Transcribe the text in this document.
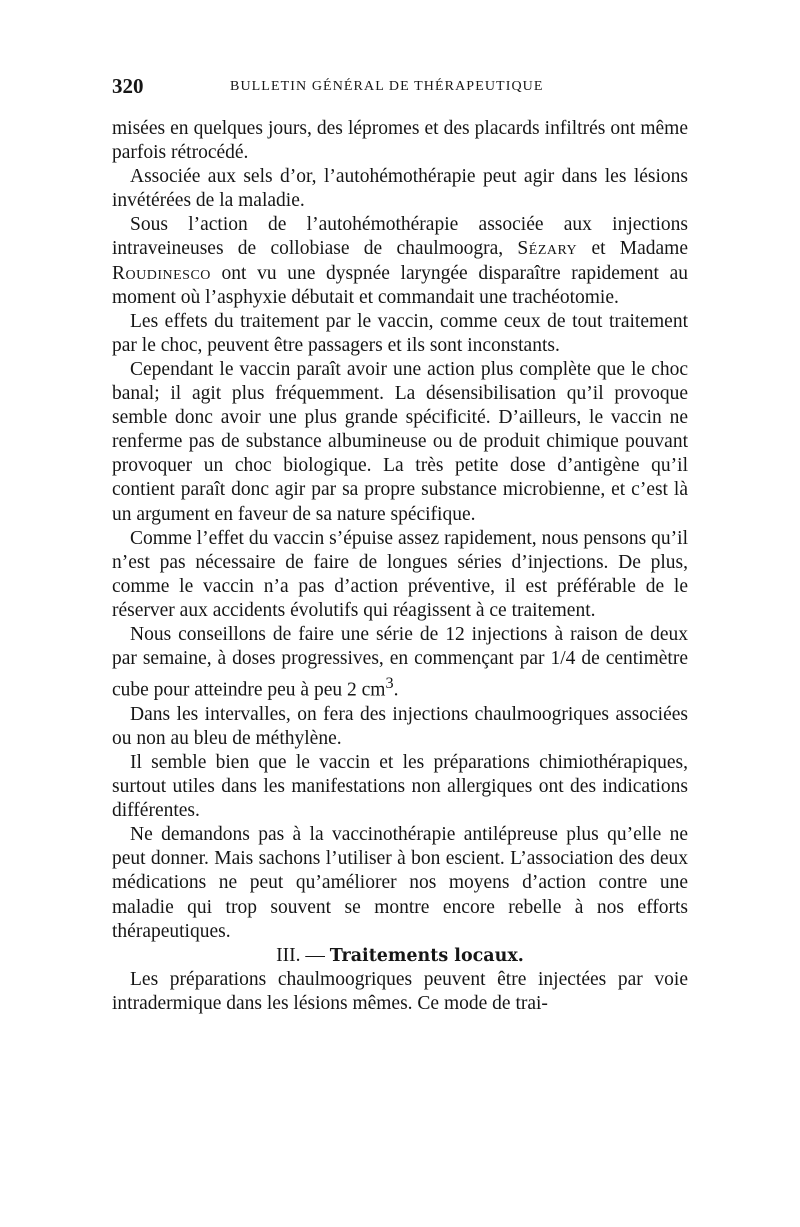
320	BULLETIN GÉNÉRAL DE THÉRAPEUTIQUE

misées en quelques jours, des lépromes et des placards infiltrés ont même parfois rétrocédé.

Associée aux sels d’or, l’autohémothérapie peut agir dans les lésions invétérées de la maladie.

Sous l’action de l’autohémothérapie associée aux injections intraveineuses de collobiase de chaulmoogra, Sézary et Madame Roudinesco ont vu une dyspnée laryngée disparaître rapidement au moment où l’asphyxie débutait et commandait une trachéotomie.

Les effets du traitement par le vaccin, comme ceux de tout traitement par le choc, peuvent être passagers et ils sont inconstants.

Cependant le vaccin paraît avoir une action plus complète que le choc banal; il agit plus fréquemment. La désensibilisation qu’il provoque semble donc avoir une plus grande spécificité. D’ailleurs, le vaccin ne renferme pas de substance albumineuse ou de produit chimique pouvant provoquer un choc biologique. La très petite dose d’antigène qu’il contient paraît donc agir par sa propre substance microbienne, et c’est là un argument en faveur de sa nature spécifique.

Comme l’effet du vaccin s’épuise assez rapidement, nous pensons qu’il n’est pas nécessaire de faire de longues séries d’injections. De plus, comme le vaccin n’a pas d’action préventive, il est préférable de le réserver aux accidents évolutifs qui réagissent à ce traitement.

Nous conseillons de faire une série de 12 injections à raison de deux par semaine, à doses progressives, en commençant par 1/4 de centimètre cube pour atteindre peu à peu 2 $cm^3$.

Dans les intervalles, on fera des injections chaulmoogriques associées ou non au bleu de méthylène.

Il semble bien que le vaccin et les préparations chimiothérapiques, surtout utiles dans les manifestations non allergiques ont des indications différentes.

Ne demandons pas à la vaccinothérapie antilépreuse plus qu’elle ne peut donner. Mais sachons l’utiliser à bon escient. L’association des deux médications ne peut qu’améliorer nos moyens d’action contre une maladie qui trop souvent se montre encore rebelle à nos efforts thérapeutiques.

III. — Traitements locaux.

Les préparations chaulmoogriques peuvent être injectées par voie intradermique dans les lésions mêmes. Ce mode de trai-
